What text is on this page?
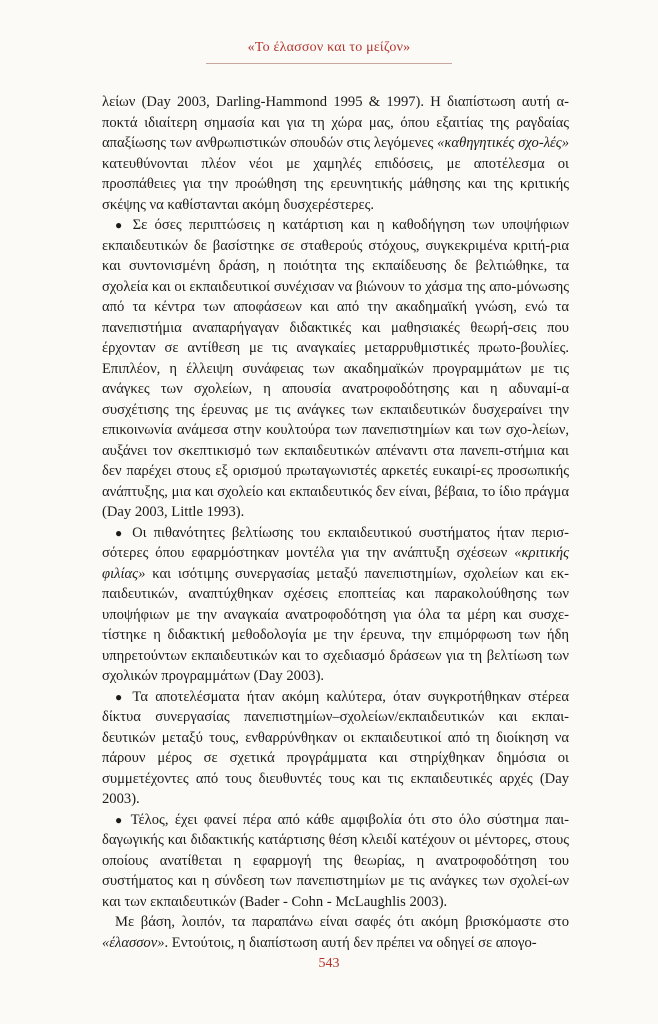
«Το έλασσον και το μείζον»

λείων (Day 2003, Darling-Hammond 1995 & 1997). Η διαπίστωση αυτή α-ποκτά ιδιαίτερη σημασία και για τη χώρα μας, όπου εξαιτίας της ραγδαίας απαξίωσης των ανθρωπιστικών σπουδών στις λεγόμενες «καθηγητικές σχο-λές» κατευθύνονται πλέον νέοι με χαμηλές επιδόσεις, με αποτέλεσμα οι προσπάθειες για την προώθηση της ερευνητικής μάθησης και της κριτικής σκέψης να καθίστανται ακόμη δυσχερέστερες.

● Σε όσες περιπτώσεις η κατάρτιση και η καθοδήγηση των υποψήφιων εκπαιδευτικών δε βασίστηκε σε σταθερούς στόχους, συγκεκριμένα κριτή-ρια και συντονισμένη δράση, η ποιότητα της εκπαίδευσης δε βελτιώθηκε, τα σχολεία και οι εκπαιδευτικοί συνέχισαν να βιώνουν το χάσμα της απο-μόνωσης από τα κέντρα των αποφάσεων και από την ακαδημαϊκή γνώση, ενώ τα πανεπιστήμια αναπαρήγαγαν διδακτικές και μαθησιακές θεωρή-σεις που έρχονταν σε αντίθεση με τις αναγκαίες μεταρρυθμιστικές πρωτο-βουλίες. Επιπλέον, η έλλειψη συνάφειας των ακαδημαϊκών προγραμμάτων με τις ανάγκες των σχολείων, η απουσία ανατροφοδότησης και η αδυναμί-α συσχέτισης της έρευνας με τις ανάγκες των εκπαιδευτικών δυσχεραίνει την επικοινωνία ανάμεσα στην κουλτούρα των πανεπιστημίων και των σχο-λείων, αυξάνει τον σκεπτικισμό των εκπαιδευτικών απέναντι στα πανεπι-στήμια και δεν παρέχει στους εξ ορισμού πρωταγωνιστές αρκετές ευκαιρί-ες προσωπικής ανάπτυξης, μια και σχολείο και εκπαιδευτικός δεν είναι, βέβαια, το ίδιο πράγμα (Day 2003, Little 1993).

● Οι πιθανότητες βελτίωσης του εκπαιδευτικού συστήματος ήταν περισ-σότερες όπου εφαρμόστηκαν μοντέλα για την ανάπτυξη σχέσεων «κριτικής φιλίας» και ισότιμης συνεργασίας μεταξύ πανεπιστημίων, σχολείων και εκ-παιδευτικών, αναπτύχθηκαν σχέσεις εποπτείας και παρακολούθησης των υποψήφιων με την αναγκαία ανατροφοδότηση για όλα τα μέρη και συσχε-τίστηκε η διδακτική μεθοδολογία με την έρευνα, την επιμόρφωση των ήδη υπηρετούντων εκπαιδευτικών και το σχεδιασμό δράσεων για τη βελτίωση των σχολικών προγραμμάτων (Day 2003).

● Τα αποτελέσματα ήταν ακόμη καλύτερα, όταν συγκροτήθηκαν στέρεα δίκτυα συνεργασίας πανεπιστημίων–σχολείων/εκπαιδευτικών και εκπαι-δευτικών μεταξύ τους, ενθαρρύνθηκαν οι εκπαιδευτικοί από τη διοίκηση να πάρουν μέρος σε σχετικά προγράμματα και στηρίχθηκαν δημόσια οι συμμετέχοντες από τους διευθυντές τους και τις εκπαιδευτικές αρχές (Day 2003).

● Τέλος, έχει φανεί πέρα από κάθε αμφιβολία ότι στο όλο σύστημα παι-δαγωγικής και διδακτικής κατάρτισης θέση κλειδί κατέχουν οι μέντορες, στους οποίους ανατίθεται η εφαρμογή της θεωρίας, η ανατροφοδότηση του συστήματος και η σύνδεση των πανεπιστημίων με τις ανάγκες των σχολεί-ων και των εκπαιδευτικών (Bader - Cohn - McLaughlis 2003).

Με βάση, λοιπόν, τα παραπάνω είναι σαφές ότι ακόμη βρισκόμαστε στο «έλασσον». Εντούτοις, η διαπίστωση αυτή δεν πρέπει να οδηγεί σε απογο-

543
